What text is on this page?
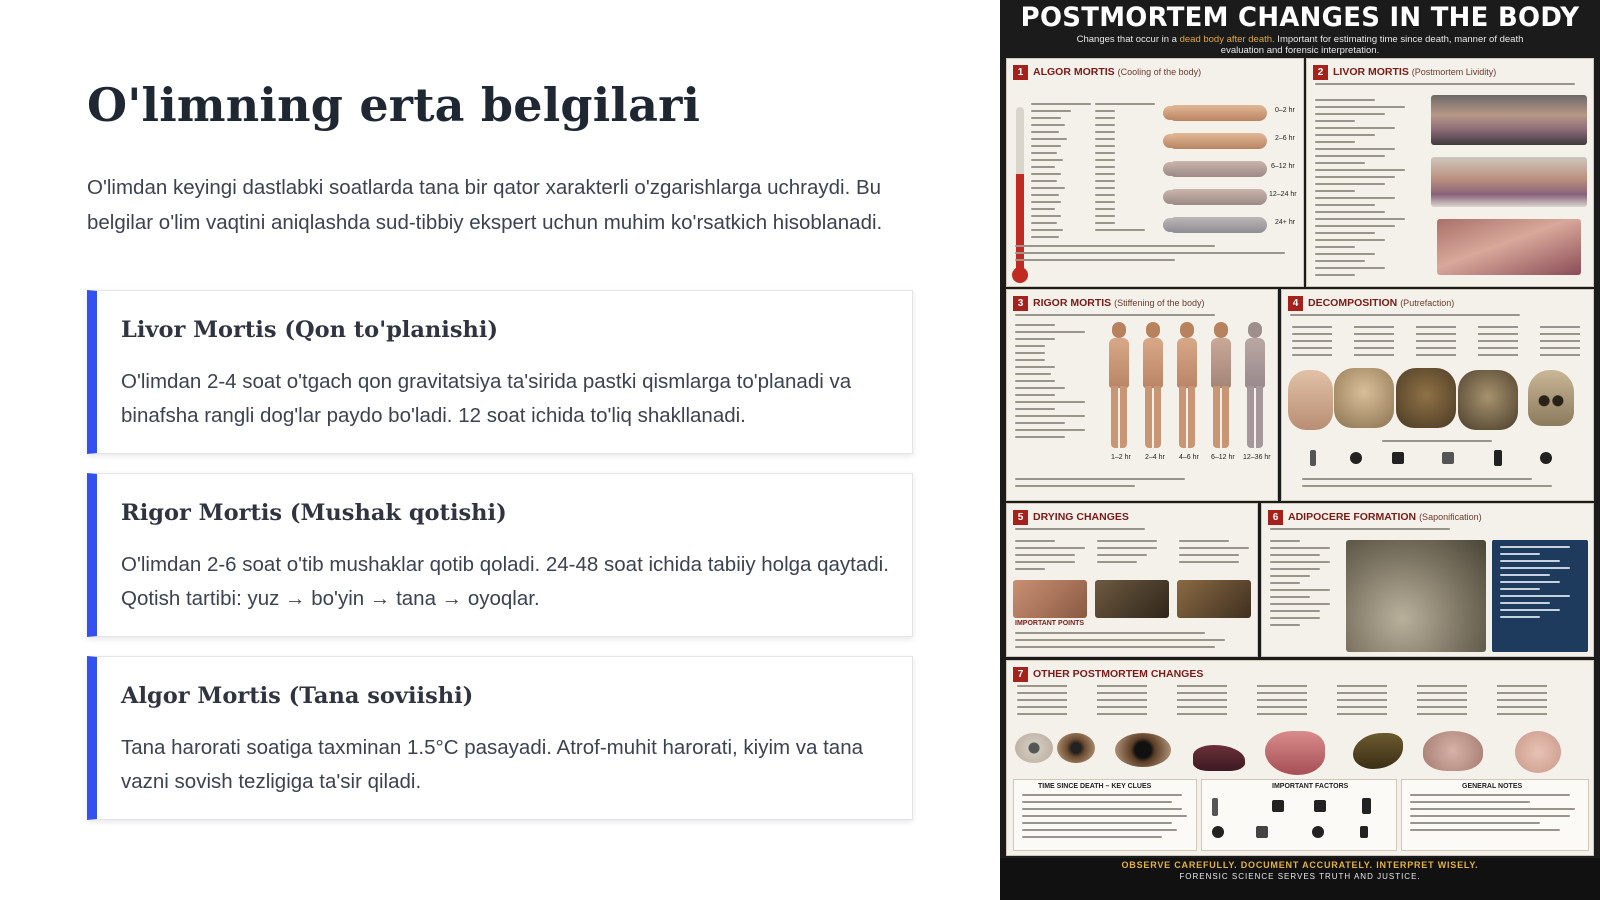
O'limning erta belgilari

O'limdan keyingi dastlabki soatlarda tana bir qator xarakterli o'zgarishlarga uchraydi. Bu belgilar o'lim vaqtini aniqlashda sud-tibbiy ekspert uchun muhim ko'rsatkich hisoblanadi.

Livor Mortis (Qon to'planishi)
O'limdan 2-4 soat o'tgach qon gravitatsiya ta'sirida pastki qismlarga to'planadi va binafsha rangli dog'lar paydo bo'ladi. 12 soat ichida to'liq shakllanadi.
Rigor Mortis (Mushak qotishi)
O'limdan 2-6 soat o'tib mushaklar qotib qoladi. 24-48 soat ichida tabiiy holga qaytadi. Qotish tartibi: yuz → bo'yin → tana → oyoqlar.
Algor Mortis (Tana soviishi)
Tana harorati soatiga taxminan 1.5°C pasayadi. Atrof-muhit harorati, kiyim va tana vazni sovish tezligiga ta'sir qiladi.
POSTMORTEM CHANGES IN THE BODY
Changes that occur in a dead body after death. Important for estimating time since death, manner of death evaluation and forensic interpretation.
1 ALGOR MORTIS (Cooling of the body)
0–2 hr
2–6 hr
6–12 hr
12–24 hr
24+ hr
2 LIVOR MORTIS (Postmortem Lividity)
3 RIGOR MORTIS (Stiffening of the body)
1–2 hr 2–4 hr 4–6 hr 6–12 hr 12–36 hr
4 DECOMPOSITION (Putrefaction)
5 DRYING CHANGES
IMPORTANT POINTS
6 ADIPOCERE FORMATION (Saponification)
7 OTHER POSTMORTEM CHANGES
TIME SINCE DEATH – KEY CLUES	IMPORTANT FACTORS	GENERAL NOTES
OBSERVE CAREFULLY. DOCUMENT ACCURATELY. INTERPRET WISELY.
FORENSIC SCIENCE SERVES TRUTH AND JUSTICE.
